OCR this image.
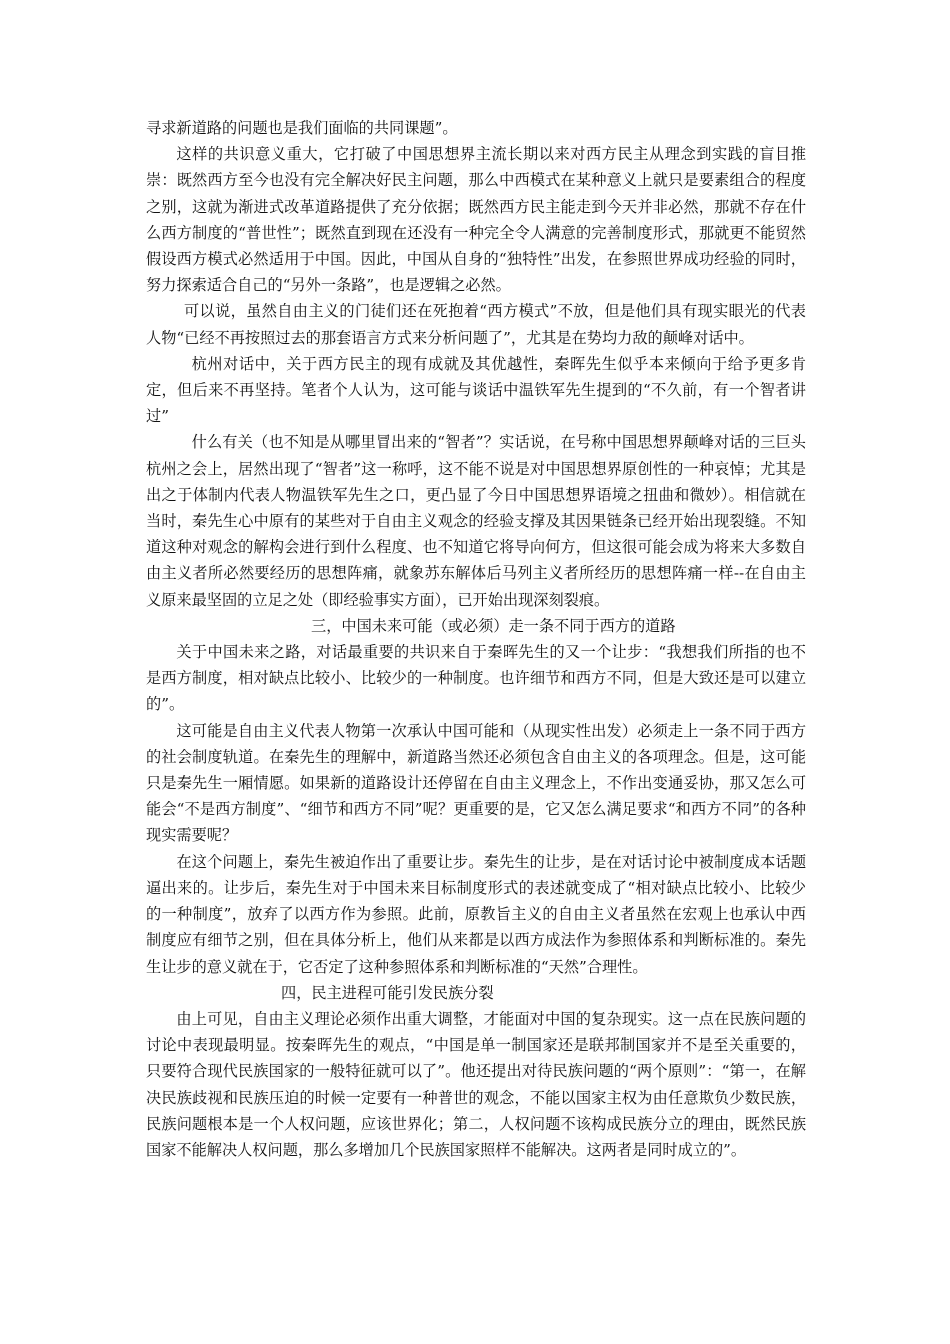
寻求新道路的问题也是我们面临的共同课题”。

这样的共识意义重大，它打破了中国思想界主流长期以来对西方民主从理念到实践的盲目推崇：既然西方至今也没有完全解决好民主问题，那么中西模式在某种意义上就只是要素组合的程度之别，这就为渐进式改革道路提供了充分依据；既然西方民主能走到今天并非必然，那就不存在什么西方制度的“普世性”；既然直到现在还没有一种完全令人满意的完善制度形式，那就更不能贸然假设西方模式必然适用于中国。因此，中国从自身的“独特性”出发，在参照世界成功经验的同时，努力探索适合自己的“另外一条路”，也是逻辑之必然。

可以说，虽然自由主义的门徒们还在死抱着“西方模式”不放，但是他们具有现实眼光的代表人物“已经不再按照过去的那套语言方式来分析问题了”，尤其是在势均力敌的颠峰对话中。

杭州对话中，关于西方民主的现有成就及其优越性，秦晖先生似乎本来倾向于给予更多肯定，但后来不再坚持。笔者个人认为，这可能与谈话中温铁军先生提到的“不久前，有一个智者讲过”

什么有关（也不知是从哪里冒出来的“智者”？实话说，在号称中国思想界颠峰对话的三巨头杭州之会上，居然出现了“智者”这一称呼，这不能不说是对中国思想界原创性的一种哀悼；尤其是出之于体制内代表人物温铁军先生之口，更凸显了今日中国思想界语境之扭曲和微妙）。相信就在当时，秦先生心中原有的某些对于自由主义观念的经验支撑及其因果链条已经开始出现裂缝。不知道这种对观念的解构会进行到什么程度、也不知道它将导向何方，但这很可能会成为将来大多数自由主义者所必然要经历的思想阵痛，就象苏东解体后马列主义者所经历的思想阵痛一样--在自由主义原来最坚固的立足之处（即经验事实方面），已开始出现深刻裂痕。

三，中国未来可能（或必须）走一条不同于西方的道路

关于中国未来之路，对话最重要的共识来自于秦晖先生的又一个让步：“我想我们所指的也不是西方制度，相对缺点比较小、比较少的一种制度。也许细节和西方不同，但是大致还是可以建立的”。

这可能是自由主义代表人物第一次承认中国可能和（从现实性出发）必须走上一条不同于西方的社会制度轨道。在秦先生的理解中，新道路当然还必须包含自由主义的各项理念。但是，这可能只是秦先生一厢情愿。如果新的道路设计还停留在自由主义理念上，不作出变通妥协，那又怎么可能会“不是西方制度”、“细节和西方不同”呢？更重要的是，它又怎么满足要求“和西方不同”的各种现实需要呢？

在这个问题上，秦先生被迫作出了重要让步。秦先生的让步，是在对话讨论中被制度成本话题逼出来的。让步后，秦先生对于中国未来目标制度形式的表述就变成了“相对缺点比较小、比较少的一种制度”，放弃了以西方作为参照。此前，原教旨主义的自由主义者虽然在宏观上也承认中西制度应有细节之别，但在具体分析上，他们从来都是以西方成法作为参照体系和判断标准的。秦先生让步的意义就在于，它否定了这种参照体系和判断标准的“天然”合理性。

四，民主进程可能引发民族分裂

由上可见，自由主义理论必须作出重大调整，才能面对中国的复杂现实。这一点在民族问题的讨论中表现最明显。按秦晖先生的观点，“中国是单一制国家还是联邦制国家并不是至关重要的，只要符合现代民族国家的一般特征就可以了”。他还提出对待民族问题的“两个原则”：“第一，在解决民族歧视和民族压迫的时候一定要有一种普世的观念，不能以国家主权为由任意欺负少数民族，民族问题根本是一个人权问题，应该世界化；第二，人权问题不该构成民族分立的理由，既然民族国家不能解决人权问题，那么多增加几个民族国家照样不能解决。这两者是同时成立的”。
